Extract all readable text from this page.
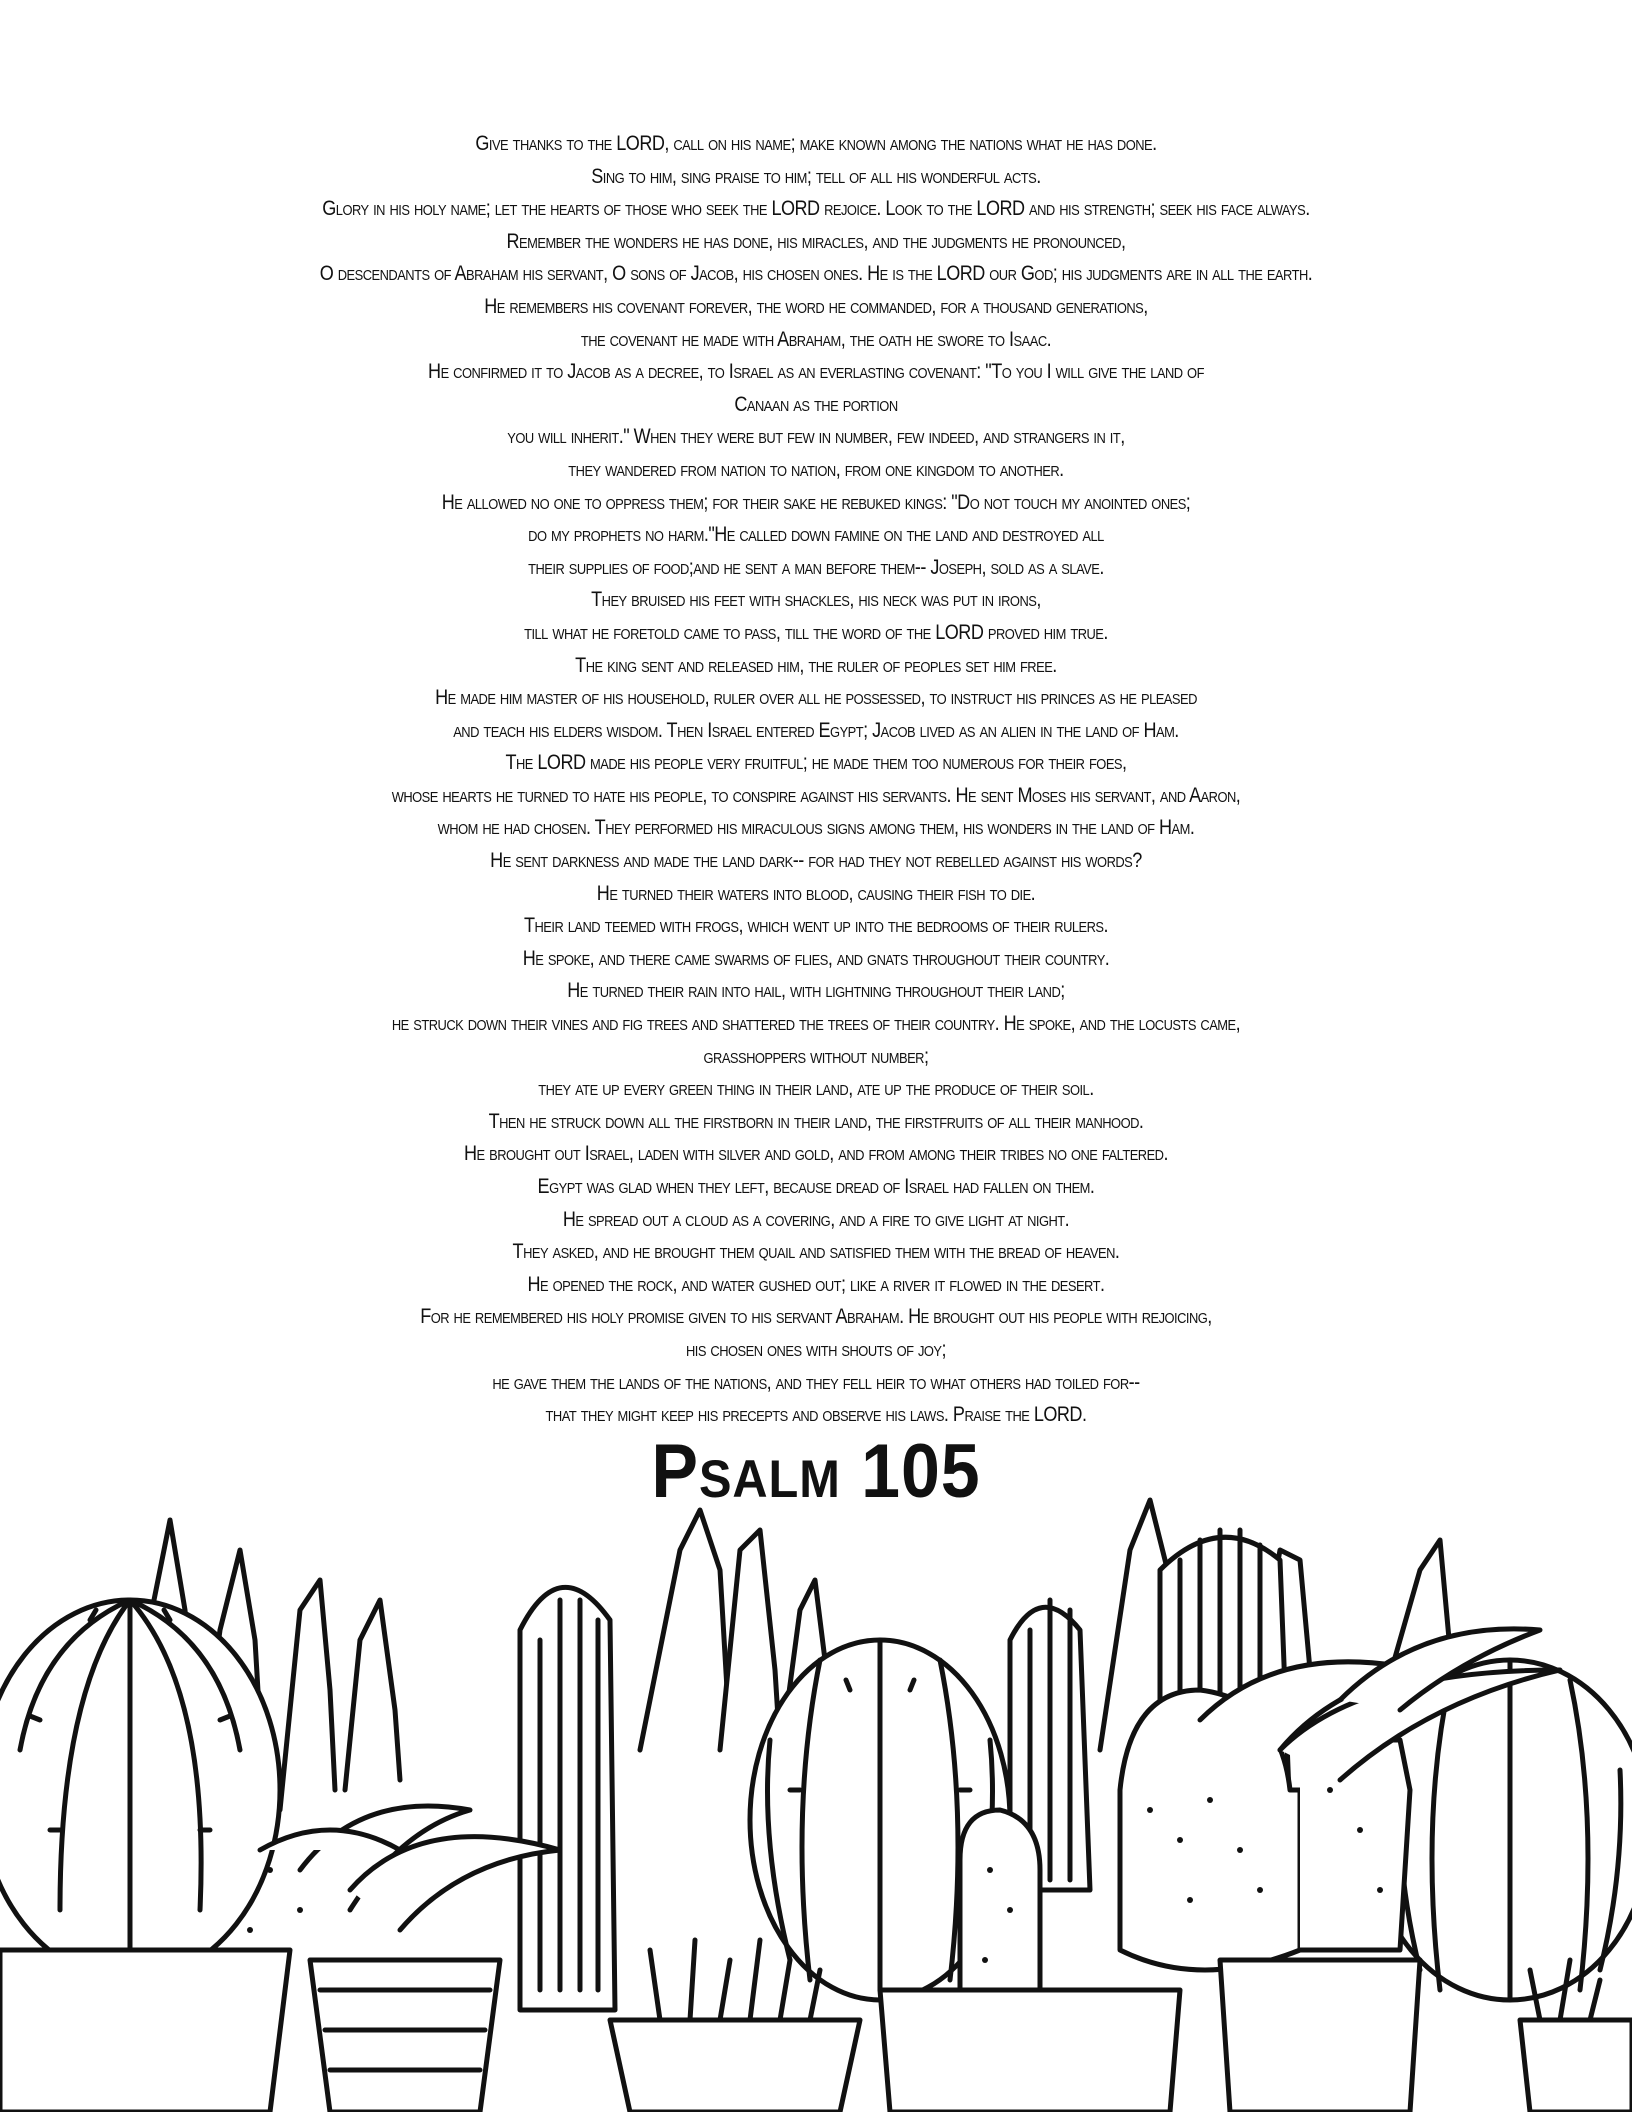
Give thanks to the LORD, call on his name; make known among the nations what he has done.
Sing to him, sing praise to him; tell of all his wonderful acts.
Glory in his holy name; let the hearts of those who seek the LORD rejoice. Look to the LORD and his strength; seek his face always.
Remember the wonders he has done, his miracles, and the judgments he pronounced,
O descendants of Abraham his servant, O sons of Jacob, his chosen ones. He is the LORD our God; his judgments are in all the earth.
He remembers his covenant forever, the word he commanded, for a thousand generations,
the covenant he made with Abraham, the oath he swore to Isaac.
He confirmed it to Jacob as a decree, to Israel as an everlasting covenant: "To you I will give the land of
Canaan as the portion
you will inherit." When they were but few in number, few indeed, and strangers in it,
they wandered from nation to nation, from one kingdom to another.
He allowed no one to oppress them; for their sake he rebuked kings: "Do not touch my anointed ones;
do my prophets no harm."He called down famine on the land and destroyed all
their supplies of food;and he sent a man before them-- Joseph, sold as a slave.
They bruised his feet with shackles, his neck was put in irons,
till what he foretold came to pass, till the word of the LORD proved him true.
The king sent and released him, the ruler of peoples set him free.
He made him master of his household, ruler over all he possessed, to instruct his princes as he pleased
and teach his elders wisdom. Then Israel entered Egypt; Jacob lived as an alien in the land of Ham.
The LORD made his people very fruitful; he made them too numerous for their foes,
whose hearts he turned to hate his people, to conspire against his servants. He sent Moses his servant, and Aaron,
whom he had chosen. They performed his miraculous signs among them, his wonders in the land of Ham.
He sent darkness and made the land dark-- for had they not rebelled against his words?
He turned their waters into blood, causing their fish to die.
Their land teemed with frogs, which went up into the bedrooms of their rulers.
He spoke, and there came swarms of flies, and gnats throughout their country.
He turned their rain into hail, with lightning throughout their land;
he struck down their vines and fig trees and shattered the trees of their country. He spoke, and the locusts came,
grasshoppers without number;
they ate up every green thing in their land, ate up the produce of their soil.
Then he struck down all the firstborn in their land, the firstfruits of all their manhood.
He brought out Israel, laden with silver and gold, and from among their tribes no one faltered.
Egypt was glad when they left, because dread of Israel had fallen on them.
He spread out a cloud as a covering, and a fire to give light at night.
They asked, and he brought them quail and satisfied them with the bread of heaven.
He opened the rock, and water gushed out; like a river it flowed in the desert.
For he remembered his holy promise given to his servant Abraham. He brought out his people with rejoicing,
his chosen ones with shouts of joy;
he gave them the lands of the nations, and they fell heir to what others had toiled for--
that they might keep his precepts and observe his laws. Praise the LORD.
Psalm 105
